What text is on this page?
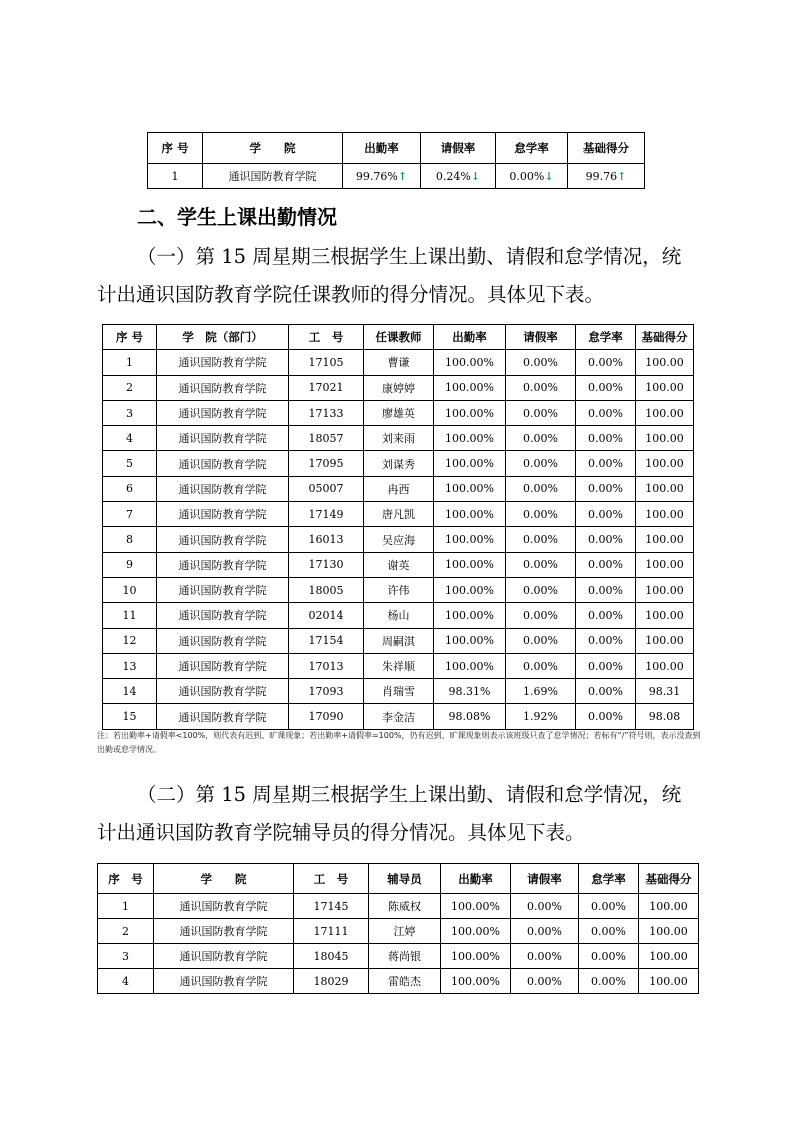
序 号	学　　院	出勤率	请假率	怠学率	基础得分
1	通识国防教育学院	99.76%↑	0.24%↓	0.00%↓	99.76↑
二、学生上课出勤情况

（一）第 15 周星期三根据学生上课出勤、请假和怠学情况，统计出通识国防教育学院任课教师的得分情况。具体见下表。

序 号	学　院（部门）	工　号	任课教师	出勤率	请假率	怠学率	基础得分
1	通识国防教育学院	17105	曹谦	100.00%	0.00%	0.00%	100.00
2	通识国防教育学院	17021	康婷婷	100.00%	0.00%	0.00%	100.00
3	通识国防教育学院	17133	廖雄英	100.00%	0.00%	0.00%	100.00
4	通识国防教育学院	18057	刘来雨	100.00%	0.00%	0.00%	100.00
5	通识国防教育学院	17095	刘谋秀	100.00%	0.00%	0.00%	100.00
6	通识国防教育学院	05007	冉西	100.00%	0.00%	0.00%	100.00
7	通识国防教育学院	17149	唐凡凯	100.00%	0.00%	0.00%	100.00
8	通识国防教育学院	16013	吴应海	100.00%	0.00%	0.00%	100.00
9	通识国防教育学院	17130	谢英	100.00%	0.00%	0.00%	100.00
10	通识国防教育学院	18005	许伟	100.00%	0.00%	0.00%	100.00
11	通识国防教育学院	02014	杨山	100.00%	0.00%	0.00%	100.00
12	通识国防教育学院	17154	周嗣淇	100.00%	0.00%	0.00%	100.00
13	通识国防教育学院	17013	朱祥顺	100.00%	0.00%	0.00%	100.00
14	通识国防教育学院	17093	肖瑞雪	98.31%	1.69%	0.00%	98.31
15	通识国防教育学院	17090	李金洁	98.08%	1.92%	0.00%	98.08

注：若出勤率+请假率<100%，则代表有迟到、旷课现象；若出勤率+请假率=100%，仍有迟到、旷课现象则表示该班级只查了怠学情况；若标有“/”符号则，表示没查到出勤或怠学情况。

（二）第 15 周星期三根据学生上课出勤、请假和怠学情况，统计出通识国防教育学院辅导员的得分情况。具体见下表。

序　号	学　　院	工　号	辅导员	出勤率	请假率	怠学率	基础得分
1	通识国防教育学院	17145	陈威权	100.00%	0.00%	0.00%	100.00
2	通识国防教育学院	17111	江婷	100.00%	0.00%	0.00%	100.00
3	通识国防教育学院	18045	蒋尚银	100.00%	0.00%	0.00%	100.00
4	通识国防教育学院	18029	雷皓杰	100.00%	0.00%	0.00%	100.00
